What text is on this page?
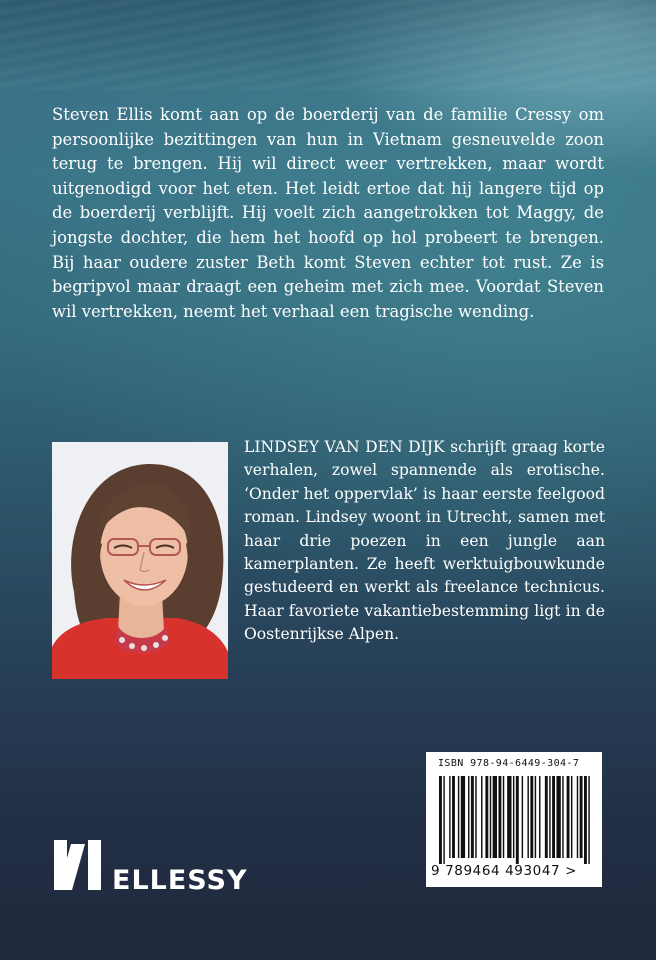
Steven Ellis komt aan op de boerderij van de familie Cressy om persoonlijke bezittingen van hun in Vietnam gesneuvelde zoon terug te brengen. Hij wil direct weer vertrekken, maar wordt uitgenodigd voor het eten. Het leidt ertoe dat hij langere tijd op de boerderij verblijft. Hij voelt zich aangetrokken tot Maggy, de jongste dochter, die hem het hoofd op hol probeert te brengen. Bij haar oudere zuster Beth komt Steven echter tot rust. Ze is begripvol maar draagt een geheim met zich mee. Voordat Steven wil vertrekken, neemt het verhaal een tragische wending.

LINDSEY VAN DEN DIJK schrijft graag korte verhalen, zowel spannende als erotische. ‘Onder het oppervlak’ is haar eerste feelgood roman. Lindsey woont in Utrecht, samen met haar drie poezen in een jungle aan kamerplanten. Ze heeft werktuigbouwkunde gestudeerd en werkt als freelance technicus. Haar favoriete vakantiebestemming ligt in de Oostenrijkse Alpen.

ISBN 978-94-6449-304-7
9 789464 493047 >
ELLESSY
